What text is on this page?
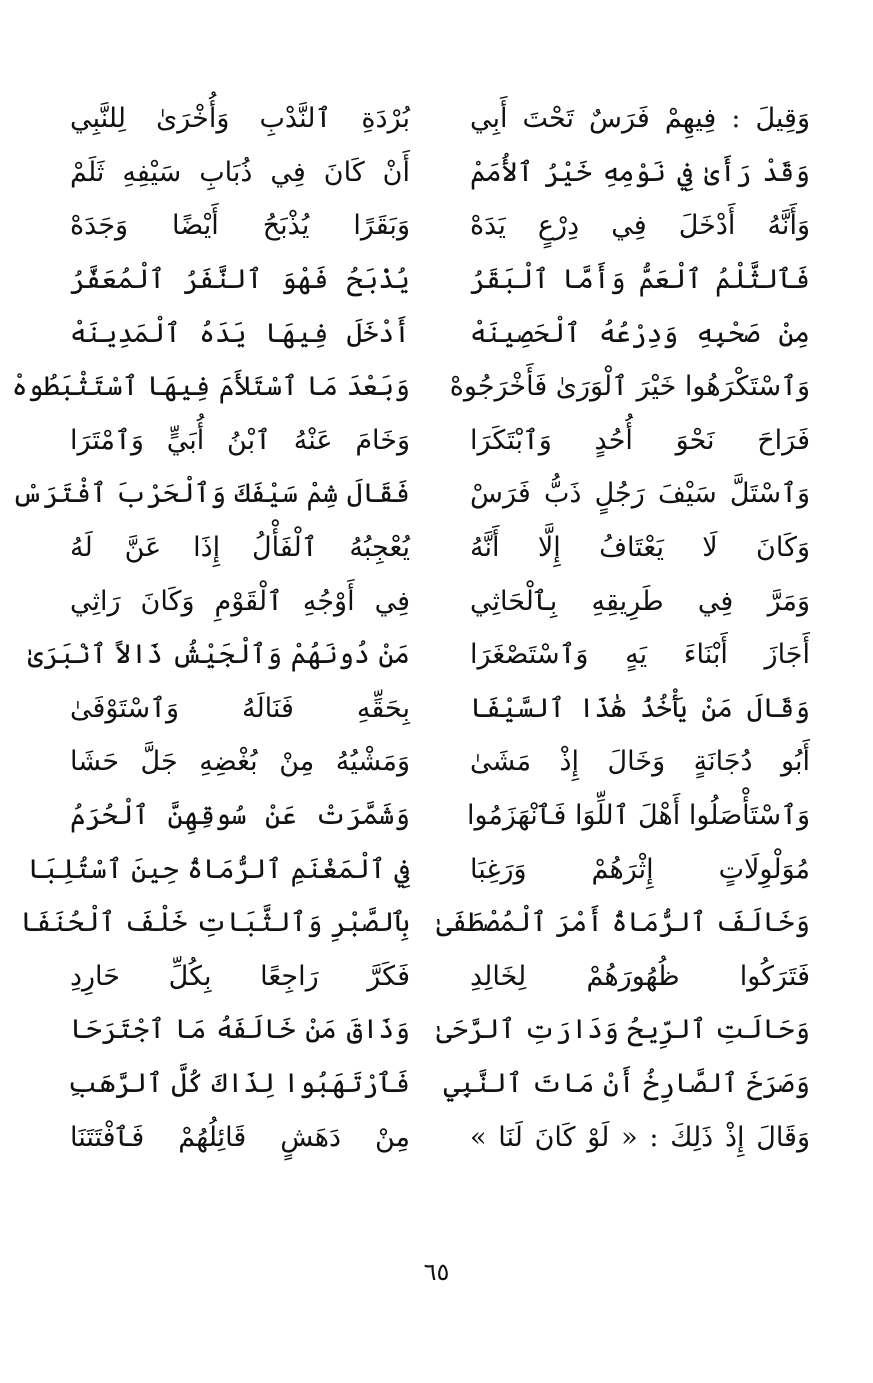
وَقِيلَ : فِيهِمْ فَرَسٌ تَحْتَ أَبِي
بُرْدَةِ ٱلنَّدْبِ وَأُخْرَىٰ لِلنَّبِي
وَقَدْ رَأَىٰ فِي نَوْمِهِ خَيْرُ ٱلأُمَمْ
أَنْ كَانَ فِي ذُبَابِ سَيْفِهِ ثَلَمْ
وَأَنَّهُ أَدْخَلَ فِي دِرْعٍ يَدَهْ
وَبَقَرًا يُذْبَحُ أَيْضًا وَجَدَهْ
فَٱلثَّلْمُ ٱلْعَمُّ وَأَمَّا ٱلْبَقَرُ
يُذْبَحُ فَهْوَ ٱلنَّفَرُ ٱلْمُعَفَّرُ
مِنْ صَحْبِهِ وَدِرْعُهُ ٱلْحَصِينَهْ
أَدْخَلَ فِيهَا يَدَهُ ٱلْمَدِينَهْ
وَٱسْتَكْرَهُوا خَيْرَ ٱلْوَرَىٰ فَأَخْرَجُوهْ
وَبَعْدَ مَا ٱسْتَلأَمَ فِيهَا ٱسْتَثْبَطُوهْ
فَرَاحَ نَحْوَ أُحُدٍ وَٱبْتَكَرَا
وَخَامَ عَنْهُ ٱبْنُ أُبَيٍّ وَٱمْتَرَا
وَٱسْتَلَّ سَيْفَ رَجُلٍ ذَبُّ فَرَسْ
فَقَالَ شِمْ سَيْفَكَ وَٱلْحَرْبَ ٱفْتَرَسْ
وَكَانَ لَا يَعْتَافُ إِلَّا أَنَّهُ
يُعْجِبُهُ ٱلْفَأْلُ إِذَا عَنَّ لَهُ
وَمَرَّ فِي طَرِيقِهِ بِٱلْحَاثِي
فِي أَوْجُهِ ٱلْقَوْمِ وَكَانَ رَاثِي
أَجَازَ أَبْنَاءَ يَهٍ وَٱسْتَصْغَرَا
مَنْ دُونَهُمْ وَٱلْجَيْشُ ذَالاً ٱنْبَرَىٰ
وَقَالَ مَنْ يَأْخُذُ هَٰذَا ٱلسَّيْفَا
بِحَقِّهِ فَنَالَهُ وَٱسْتَوْفَىٰ
أَبُو دُجَانَةٍ وَخَالَ إِذْ مَشَىٰ
وَمَشْيُهُ مِنْ بُغْضِهِ جَلَّ حَشَا
وَٱسْتَأْصَلُوا أَهْلَ ٱللِّوَا فَٱنْهَزَمُوا
وَشَمَّرَتْ عَنْ سُوقِهِنَّ ٱلْحُرَمُ
مُوَلْوِلَاتٍ إِثْرَهُمْ وَرَغِبَا
فِي ٱلْمَغْنَمِ ٱلرُّمَاةُ حِينَ ٱسْتُلِبَا
وَخَالَفَ ٱلرُّمَاةُ أَمْرَ ٱلْمُصْطَفَىٰ
بِٱلصَّبْرِ وَٱلثَّبَاتِ خَلْفَ ٱلْحُنَفَا
فَتَرَكُوا ظُهُورَهُمْ لِخَالِدِ
فَكَرَّ رَاجِعًا بِكُلِّ حَارِدِ
وَحَالَتِ ٱلرِّيحُ وَدَارَتِ ٱلرَّحَىٰ
وَذَاقَ مَنْ خَالَفَهُ مَا ٱجْتَرَحَا
وَصَرَخَ ٱلصَّارِخُ أَنْ مَاتَ ٱلنَّبِي
فَٱرْتَهَبُوا لِذَاكَ كُلَّ ٱلرَّهَبِ
وَقَالَ إِذْ ذَلِكَ : « لَوْ كَانَ لَنَا »
مِنْ دَهَشٍ قَائِلُهُمْ فَٱفْتَتَنَا
٦٥
